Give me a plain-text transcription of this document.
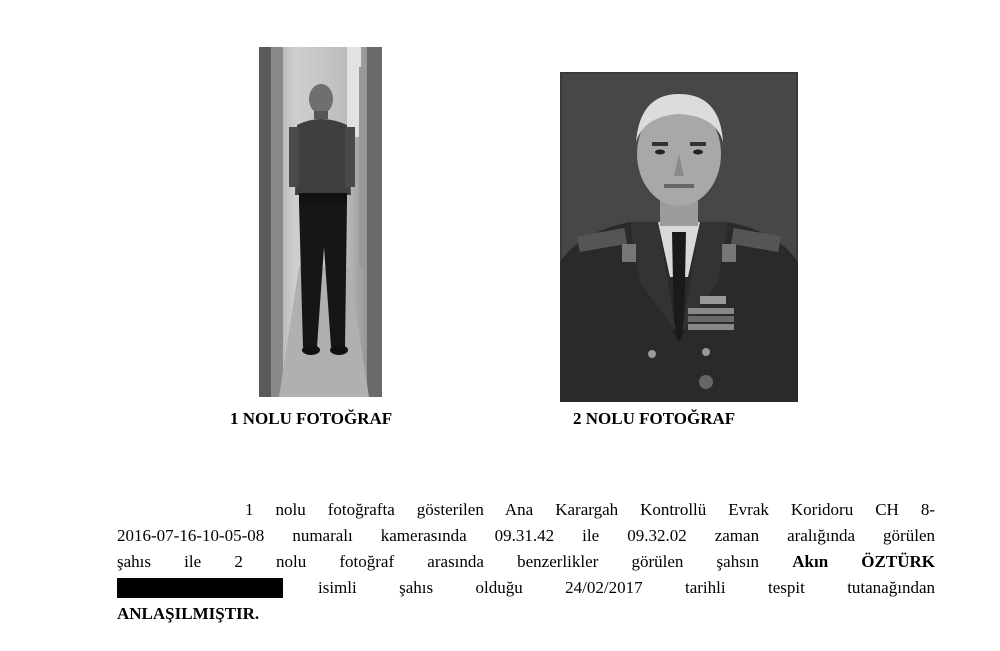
1 NOLU FOTOĞRAF	2 NOLU FOTOĞRAF
1 nolu fotoğrafta gösterilen Ana Karargah Kontrollü Evrak Koridoru CH 8-
2016-07-16-10-05-08 numaralı kamerasında 09.31.42 ile 09.32.02 zaman aralığında görülen
şahıs ile 2 nolu fotoğraf arasında benzerlikler görülen şahsın Akın ÖZTÜRK
isimli şahıs olduğu 24/02/2017 tarihli tespit tutanağından
ANLAŞILMIŞTIR.
